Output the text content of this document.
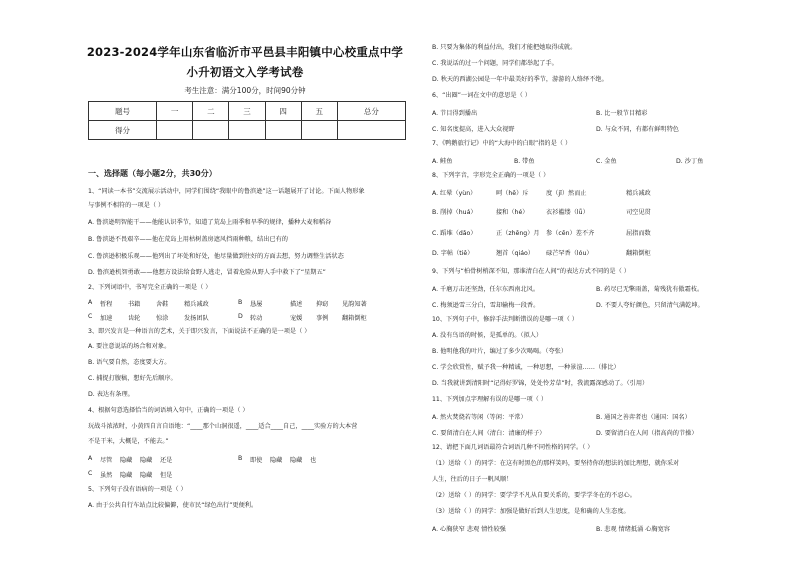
2023-2024学年山东省临沂市平邑县丰阳镇中心校重点中学
小升初语文入学考试卷
考生注意：满分100分，时间90分钟
题号	一	二	三	四	五	总分
得分						
一、选择题（每小题2分，共30分）
1、“同读一本书”交流展示活动中，同学们围绕“我眼中的鲁滨逊”这一话题展开了讨论。下面人物形象
与事例不相符的一项是（ ）
A. 鲁滨逊明智能干——他能认识季节，知道了荒岛上雨季和旱季的规律，播种大麦和稻谷
B. 鲁滨逊不畏艰辛——他在荒岛上用枯树盖房遮风挡雨种粮，结出已有的
C. 鲁滨逊积极乐观——他列出了坏处和好处，他尽量做到往好的方面去想，努力调整生活状态
D. 鲁滨逊机智勇敢——他想方设法给食野人逃走，冒着危险从野人手中救下了“星期五”
2、下列词语中，书写完全正确的一项是（ ）
A 暂程	书籍	舍鞋	精兵减政	B 恳屡	描述 抑窈 见韵知著
C 加速	齿轮	惊涂	发扬团队	D 转动	宠媛 事例 翻箱倒柜
3、即兴发言是一种语言的艺术，关于即兴发言，下面说法不正确的是一项是（ ）
A. 要注意说话的场合和对象。
B. 语气要自然，态度要大方。
C. 捕捉打腹稿，想好先后顺序。
D. 表达有条理。
4、根据句意选择恰当的词语填入句中，正确的一项是（ ）
玩战斗浓浓时，小黄四自言自语地：“____那个山洞很遥，____适合____自己，____实验方的大本营
不是干米，大概是，不能去。”
A 尽管 隐藏 隐藏 还是	B 即使 隐藏 隐藏 也
C 虽然 隐藏 隐藏 但是
5、下列句子没有语病的一项是（ ）
A. 由于公共自行车站点比较偏僻，使市民“绿色出行”更便利。
B. 只要为集体的利益付出，我们才能把她取得成就。
C. 我说话的过一个问题，同学们都举起了手。
D. 秋天的西湖公园是一年中最美好的季节，游游的人络绎不绝。
6、“出圈”一词在文中的意思是（ ）
A. 节目得到播出	B. 比一般节目精彩
C. 知名度提高，进入大众视野	D. 与众不同，有都有鲜明特色
7、《鸭鹅旅行记》中的“大海中的白眼”指的是（ ）
A. 鲑鱼	B. 带鱼	C. 金鱼	D. 沙丁鱼
8、下列字音，字形完全正确的一项是（ ）
A. 红晕（yùn）	呵（hē）斥	度（jǐ）然而止	精兵减政
B. 削掉（huá）	接和（hé）	衣衫褴缕（lǚ）	司空见贯
C. 蹈堆（dǎo）	正（zhēng）月 参（cēn）差不齐	屈指而数
D. 字帖（tiě）	翘首（qiáo） 碌芒罕香（lóu）	翻箱倒柜
9、下列与“柏骨树梢深不知，那谁清白在人间”的表达方式不同的是（ ）
A. 千磨万击还坚劲，任尔东西南北风。	B. 药尽已无擎雨盖，菊残犹有傲霜枝。
C. 梅须逊雪三分白，雪却输梅一段香。	D. 不要人夸好颜色，只留清气满乾坤。
10、下列句子中，修辞手法判断错误的是哪一项（ ）
A. 没有鸟语的时候，是孤单的。（拟人）
B. 他明他我的叶片，编过了多少次喝喝。（夸张）
C. 学会欣赏性，赋予我一种精诚，一种思想，一种景渲……（排比）
D. 当我就讲到清阳时“记得好罗锦，处处怜芳草”时，我流露深感动了。（引用）
11、下列加点字理解有误的是哪一项（ ）
A. 然火焚烧若等闲（等闲：平常）	B. 通国之善弈者也（通国：国名）
C. 要留清白在人间（清白：清廉的样子）	D. 要留清白在人间（指高尚的节操）
12、请把下面几词语最符合词语几种不同性格的同学。（ ）
（1）送给（ ）的同学：在这有时黑色的那样笑吗，要坚持你的想法的加比理想，就你采对
人生，往后的日子一帆风顺！
（2）送给（ ）的同学：要学学不凡从自要关系的，要学学冬在的不忍心。
（3）送给（ ）的同学：加强是做好后到人生思度，是和确的人生态度。
A. 心胸狭窄 悲观 情性较强	B. 悲观 情绪抵涌 心胸宽容
